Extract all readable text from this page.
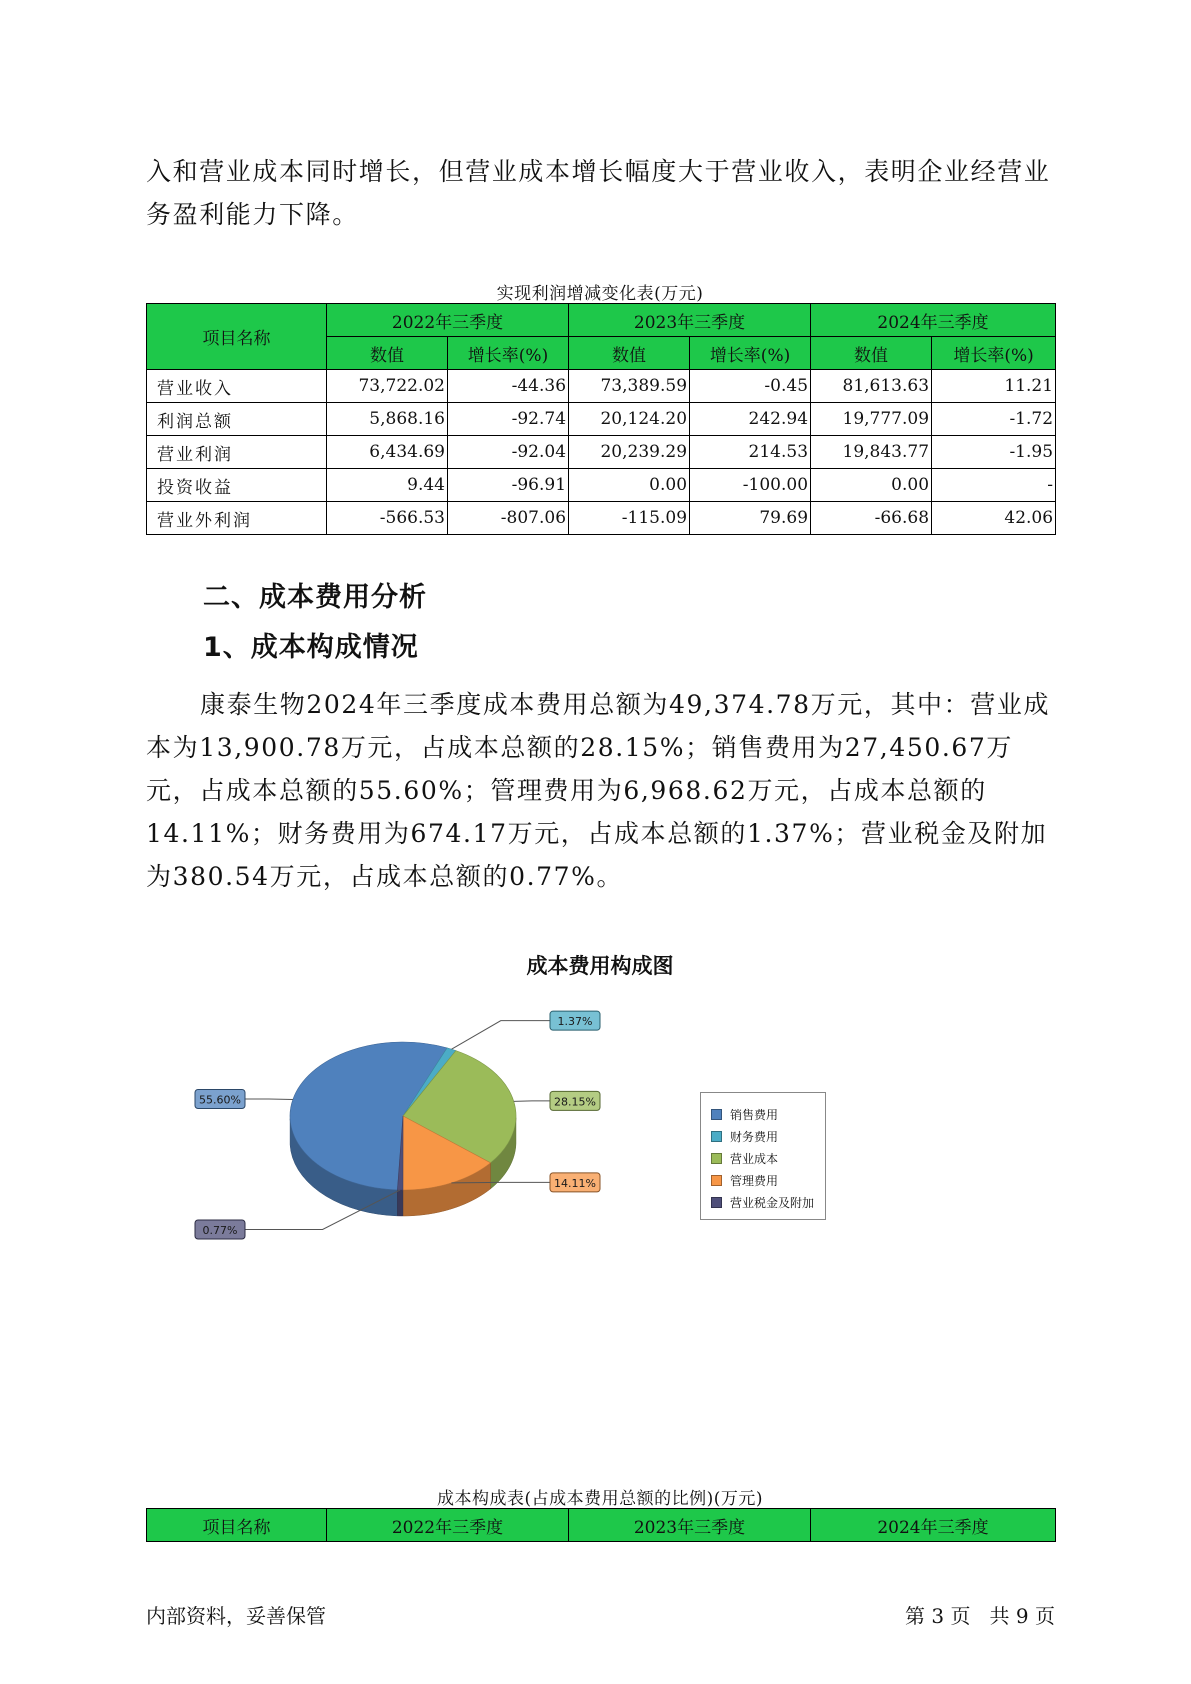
入和营业成本同时增长，但营业成本增长幅度大于营业收入，表明企业经营业务盈利能力下降。

实现利润增减变化表(万元)
项目名称	2022年三季度		2023年三季度		2024年三季度	
	数值	增长率(%)	数值	增长率(%)	数值	增长率(%)
营业收入	73,722.02	-44.36	73,389.59	-0.45	81,613.63	11.21
利润总额	5,868.16	-92.74	20,124.20	242.94	19,777.09	-1.72
营业利润	6,434.69	-92.04	20,239.29	214.53	19,843.77	-1.95
投资收益	9.44	-96.91	0.00	-100.00	0.00	-
营业外利润	-566.53	-807.06	-115.09	79.69	-66.68	42.06
二、成本费用分析
1、成本构成情况

康泰生物2024年三季度成本费用总额为49,374.78万元，其中：营业成本为13,900.78万元，占成本总额的28.15%；销售费用为27,450.67万元，占成本总额的55.60%；管理费用为6,968.62万元，占成本总额的14.11%；财务费用为674.17万元，占成本总额的1.37%；营业税金及附加为380.54万元，占成本总额的0.77%。

成本费用构成图
55.60%
1.37%
28.15%
14.11%
0.77%
销售费用
财务费用
营业成本
管理费用
营业税金及附加
成本构成表(占成本费用总额的比例)(万元)
项目名称	2022年三季度	2023年三季度	2024年三季度
内部资料，妥善保管	第 3 页   共 9 页
